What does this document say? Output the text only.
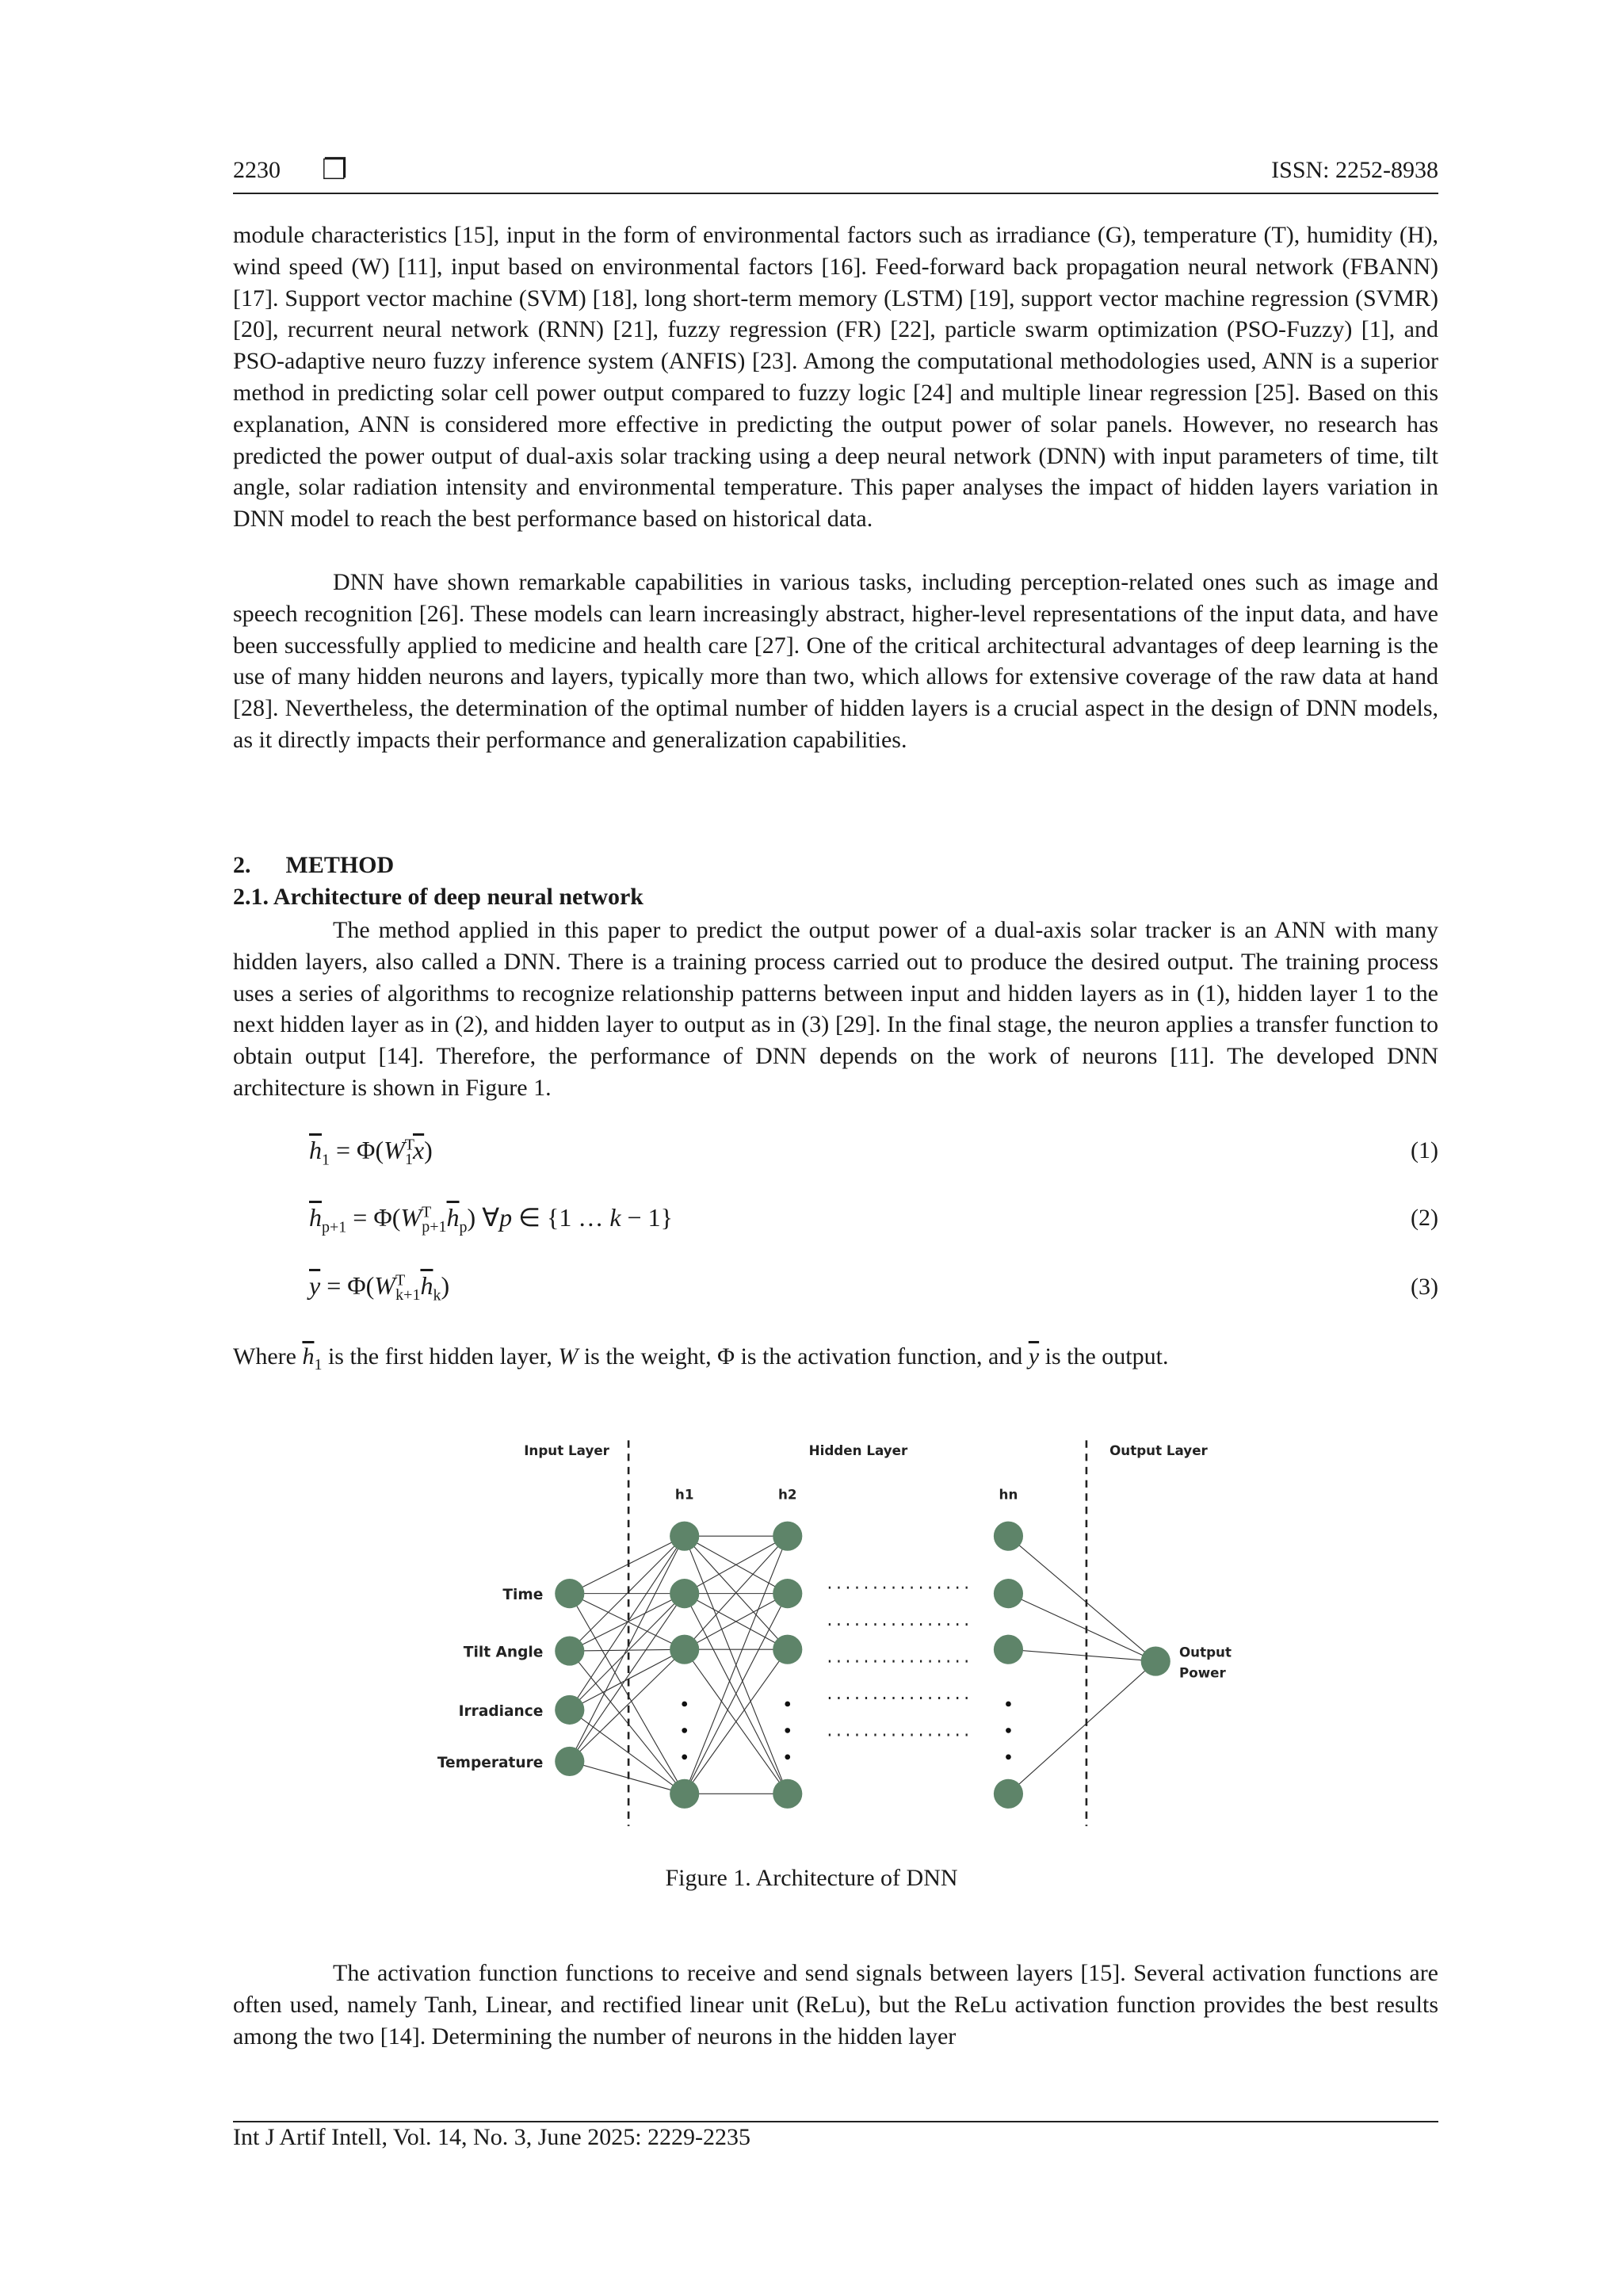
2230 ❐	ISSN: 2252-8938

module characteristics [15], input in the form of environmental factors such as irradiance (G), temperature (T), humidity (H), wind speed (W) [11], input based on environmental factors [16]. Feed-forward back propagation neural network (FBANN) [17]. Support vector machine (SVM) [18], long short-term memory (LSTM) [19], support vector machine regression (SVMR) [20], recurrent neural network (RNN) [21], fuzzy regression (FR) [22], particle swarm optimization (PSO-Fuzzy) [1], and PSO-adaptive neuro fuzzy inference system (ANFIS) [23]. Among the computational methodologies used, ANN is a superior method in predicting solar cell power output compared to fuzzy logic [24] and multiple linear regression [25]. Based on this explanation, ANN is considered more effective in predicting the output power of solar panels. However, no research has predicted the power output of dual-axis solar tracking using a deep neural network (DNN) with input parameters of time, tilt angle, solar radiation intensity and environmental temperature. This paper analyses the impact of hidden layers variation in DNN model to reach the best performance based on historical data.

DNN have shown remarkable capabilities in various tasks, including perception-related ones such as image and speech recognition [26]. These models can learn increasingly abstract, higher-level representations of the input data, and have been successfully applied to medicine and health care [27]. One of the critical architectural advantages of deep learning is the use of many hidden neurons and layers, typically more than two, which allows for extensive coverage of the raw data at hand [28]. Nevertheless, the determination of the optimal number of hidden layers is a crucial aspect in the design of DNN models, as it directly impacts their performance and generalization capabilities.

2. METHOD
2.1. Architecture of deep neural network

The method applied in this paper to predict the output power of a dual-axis solar tracker is an ANN with many hidden layers, also called a DNN. There is a training process carried out to produce the desired output. The training process uses a series of algorithms to recognize relationship patterns between input and hidden layers as in (1), hidden layer 1 to the next hidden layer as in (2), and hidden layer to output as in (3) [29]. In the final stage, the neuron applies a transfer function to obtain output [14]. Therefore, the performance of DNN depends on the work of neurons [11]. The developed DNN architecture is shown in Figure 1.

$\overline{h}_1 = \Phi(W^T_1\overline{x})$	(1)
$\overline{h}_{p+1} = \Phi(W^T_{p+1}\overline{h}_p)$ ∀p ∈ {1 … k − 1}	(2)
$\overline{y} = \Phi(W^T_{k+1}\overline{h}_k)$	(3)
Where $\overline{h}_1$ is the first hidden layer, W is the weight, Φ is the activation function, and $\overline{y}$ is the output.
Input Layer	Hidden Layer	Output Layer
h1	h2	hn
Time
Tilt Angle
Irradiance
Temperature
Output
Power
Figure 1. Architecture of DNN

The activation function functions to receive and send signals between layers [15]. Several activation functions are often used, namely Tanh, Linear, and rectified linear unit (ReLu), but the ReLu activation function provides the best results among the two [14]. Determining the number of neurons in the hidden layer

Int J Artif Intell, Vol. 14, No. 3, June 2025: 2229-2235
